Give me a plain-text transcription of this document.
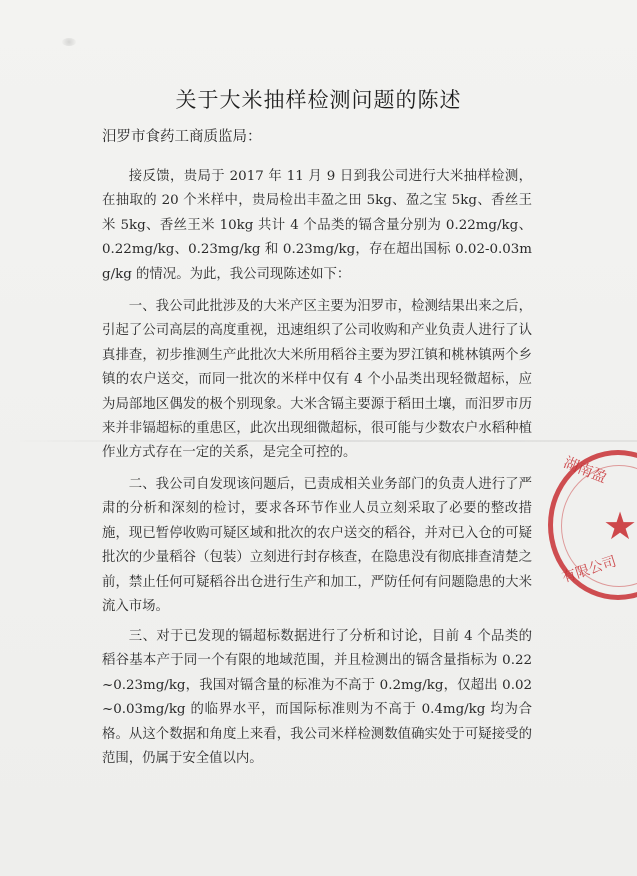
关于大米抽样检测问题的陈述
汨罗市食药工商质监局：

接反馈，贵局于 2017 年 11 月 9 日到我公司进行大米抽样检测，在抽取的 20 个米样中，贵局检出丰盈之田 5kg、盈之宝 5kg、香丝王米 5kg、香丝王米 10kg 共计 4 个品类的镉含量分别为 0.22mg/kg、0.22mg/kg、0.23mg/kg 和 0.23mg/kg，存在超出国标 0.02-0.03mg/kg 的情况。为此，我公司现陈述如下：

一、我公司此批涉及的大米产区主要为汨罗市，检测结果出来之后，引起了公司高层的高度重视，迅速组织了公司收购和产业负责人进行了认真排查，初步推测生产此批次大米所用稻谷主要为罗江镇和桃林镇两个乡镇的农户送交，而同一批次的米样中仅有 4 个小品类出现轻微超标，应为局部地区偶发的极个别现象。大米含镉主要源于稻田土壤，而汨罗市历来并非镉超标的重患区，此次出现细微超标，很可能与少数农户水稻种植作业方式存在一定的关系，是完全可控的。

二、我公司自发现该问题后，已责成相关业务部门的负责人进行了严肃的分析和深刻的检讨，要求各环节作业人员立刻采取了必要的整改措施，现已暂停收购可疑区域和批次的农户送交的稻谷，并对已入仓的可疑批次的少量稻谷（包装）立刻进行封存核查，在隐患没有彻底排查清楚之前，禁止任何可疑稻谷出仓进行生产和加工，严防任何有问题隐患的大米流入市场。

三、对于已发现的镉超标数据进行了分析和讨论，目前 4 个品类的稻谷基本产于同一个有限的地域范围，并且检测出的镉含量指标为 0.22~0.23mg/kg，我国对镉含量的标准为不高于 0.2mg/kg，仅超出 0.02~0.03mg/kg 的临界水平，而国际标准则为不高于 0.4mg/kg 均为合格。从这个数据和角度上来看，我公司米样检测数值确实处于可疑接受的范围，仍属于安全值以内。

湖南盈
★
有限公司
